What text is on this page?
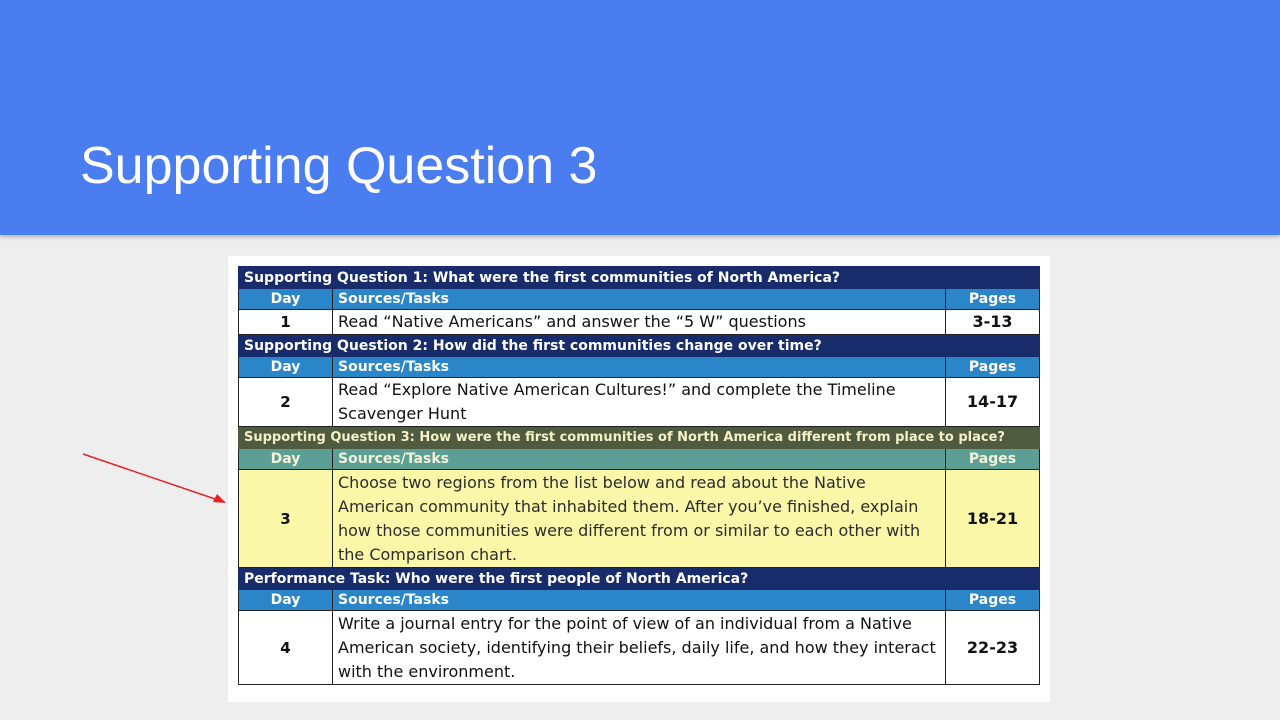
Supporting Question 3
Supporting Question 1: What were the first communities of North America?		
Day	Sources/Tasks	Pages
1	Read “Native Americans” and answer the “5 W” questions	3-13
Supporting Question 2: How did the first communities change over time?		
Day	Sources/Tasks	Pages
2	Read “Explore Native American Cultures!” and complete the Timeline Scavenger Hunt	14-17
Supporting Question 3: How were the first communities of North America different from place to place?		
Day	Sources/Tasks	Pages
3	Choose two regions from the list below and read about the Native American community that inhabited them. After you’ve finished, explain how those communities were different from or similar to each other with the Comparison chart.	18-21
Performance Task: Who were the first people of North America?		
Day	Sources/Tasks	Pages
4	Write a journal entry for the point of view of an individual from a Native American society, identifying their beliefs, daily life, and how they interact with the environment.	22-23
